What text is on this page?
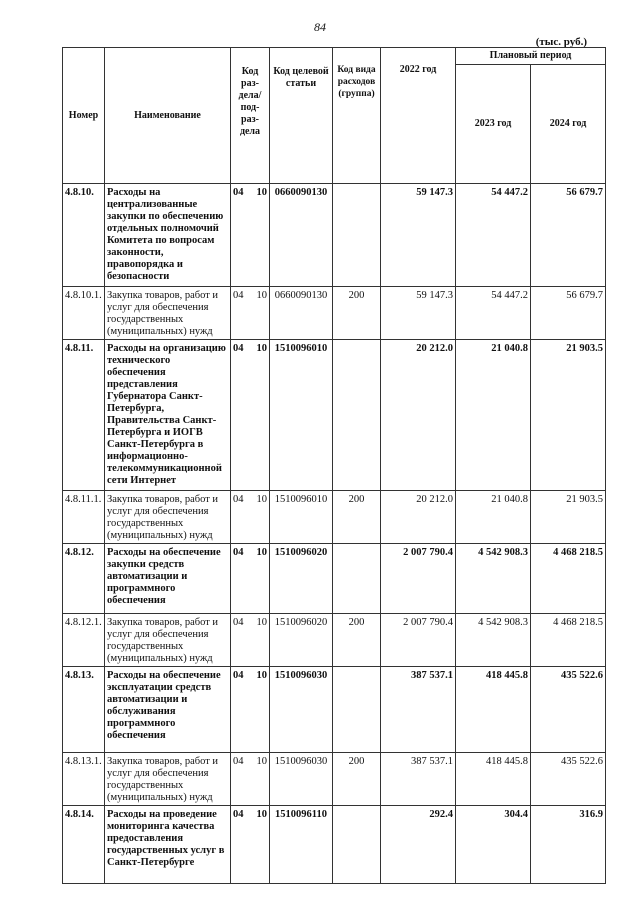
84
(тыс. руб.)
Номер	Наименование	Код раз-дела/ под-раз-дела	Код целевой статьи	Код вида расходов (группа)	2022 год	Плановый период	
						2023 год	2024 год
4.8.10.	Расходы на централизованные закупки по обеспечению отдельных полномочий Комитета по вопросам законности, правопорядка и безопасности	04 10	0660090130		59 147.3	54 447.2	56 679.7
4.8.10.1.	Закупка товаров, работ и услуг для обеспечения государственных (муниципальных) нужд	04 10	0660090130	200	59 147.3	54 447.2	56 679.7
4.8.11.	Расходы на организацию технического обеспечения представления Губернатора Санкт-Петербурга, Правительства Санкт-Петербурга и ИОГВ Санкт-Петербурга в информационно-телекоммуникационной сети Интернет	04 10	1510096010		20 212.0	21 040.8	21 903.5
4.8.11.1.	Закупка товаров, работ и услуг для обеспечения государственных (муниципальных) нужд	04 10	1510096010	200	20 212.0	21 040.8	21 903.5
4.8.12.	Расходы на обеспечение закупки средств автоматизации и программного обеспечения	04 10	1510096020		2 007 790.4	4 542 908.3	4 468 218.5
4.8.12.1.	Закупка товаров, работ и услуг для обеспечения государственных (муниципальных) нужд	04 10	1510096020	200	2 007 790.4	4 542 908.3	4 468 218.5
4.8.13.	Расходы на обеспечение эксплуатации средств автоматизации и обслуживания программного обеспечения	04 10	1510096030		387 537.1	418 445.8	435 522.6
4.8.13.1.	Закупка товаров, работ и услуг для обеспечения государственных (муниципальных) нужд	04 10	1510096030	200	387 537.1	418 445.8	435 522.6
4.8.14.	Расходы на проведение мониторинга качества предоставления государственных услуг в Санкт-Петербурге	04 10	1510096110		292.4	304.4	316.9
